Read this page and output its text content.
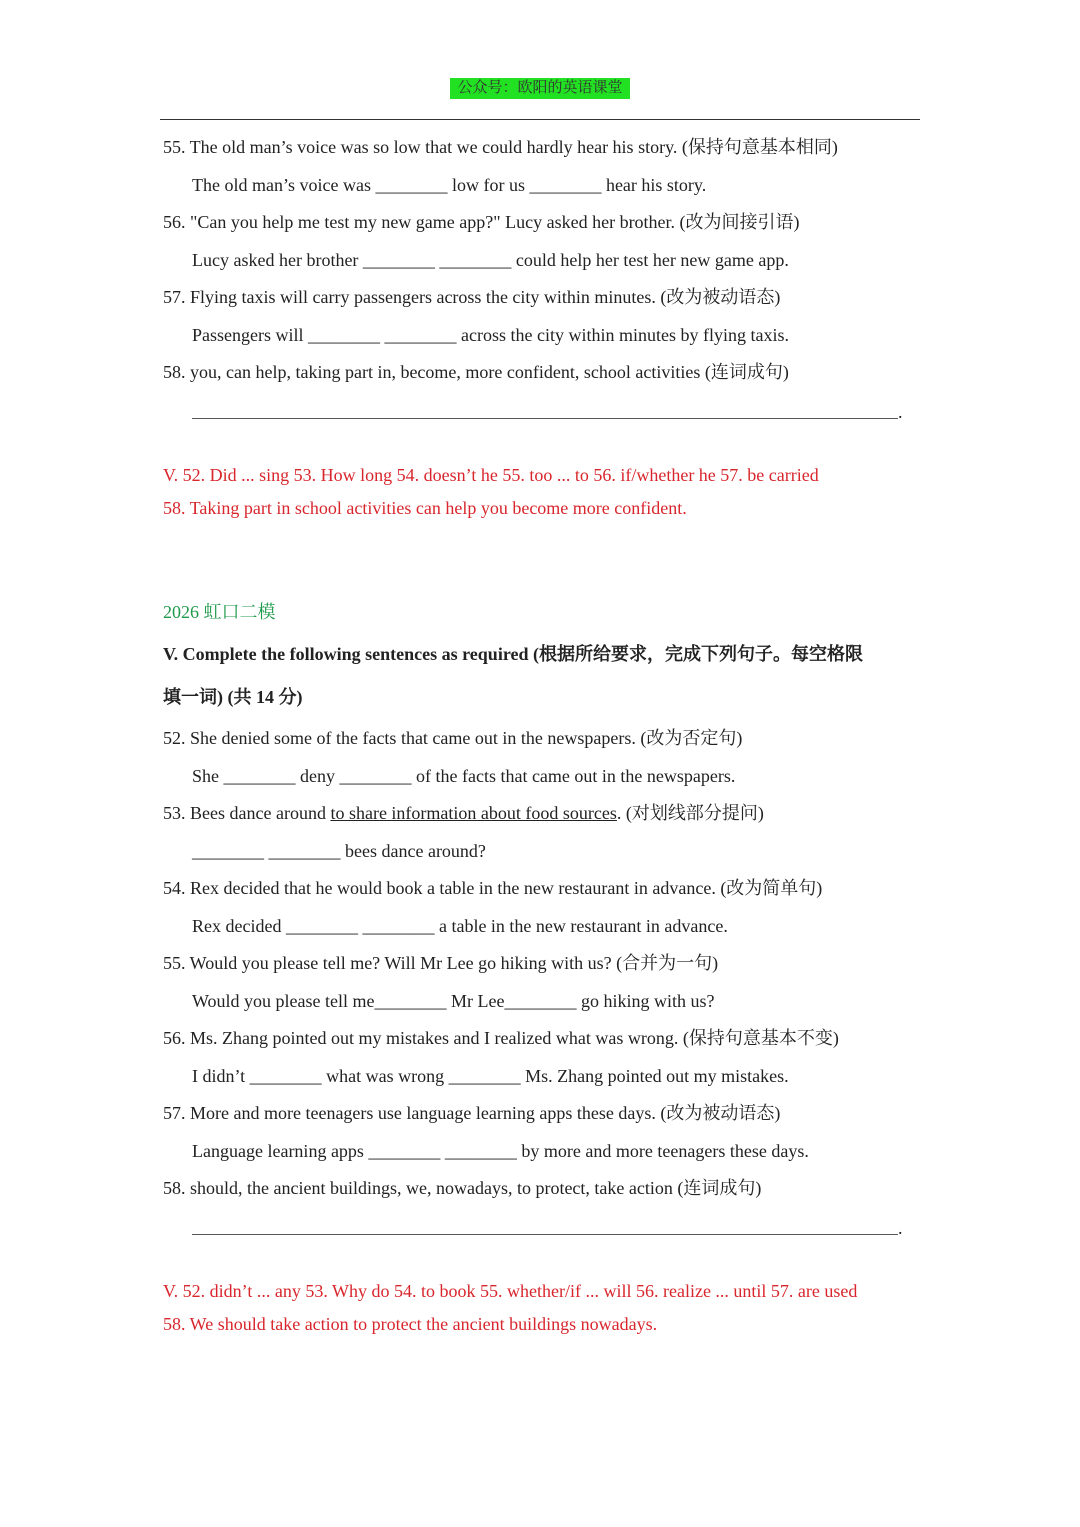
公众号：欧阳的英语课堂
55. The old man’s voice was so low that we could hardly hear his story. (保持句意基本相同)
The old man’s voice was ________ low for us ________ hear his story.
56. "Can you help me test my new game app?" Lucy asked her brother. (改为间接引语)
Lucy asked her brother ________ ________ could help her test her new game app.
57. Flying taxis will carry passengers across the city within minutes. (改为被动语态)
Passengers will ________ ________ across the city within minutes by flying taxis.
58. you, can help, taking part in, become, more confident, school activities (连词成句)
.
V. 52. Did ... sing 53. How long 54. doesn’t he 55. too ... to 56. if/whether he 57. be carried
58. Taking part in school activities can help you become more confident.
2026 虹口二模
V. Complete the following sentences as required (根据所给要求，完成下列句子。每空格限
填一词) (共 14 分)
52. She denied some of the facts that came out in the newspapers. (改为否定句)
She ________ deny ________ of the facts that came out in the newspapers.
53. Bees dance around to share information about food sources. (对划线部分提问)
________ ________ bees dance around?
54. Rex decided that he would book a table in the new restaurant in advance. (改为简单句)
Rex decided ________ ________ a table in the new restaurant in advance.
55. Would you please tell me? Will Mr Lee go hiking with us? (合并为一句)
Would you please tell me________ Mr Lee________ go hiking with us?
56. Ms. Zhang pointed out my mistakes and I realized what was wrong. (保持句意基本不变)
I didn’t ________ what was wrong ________ Ms. Zhang pointed out my mistakes.
57. More and more teenagers use language learning apps these days. (改为被动语态)
Language learning apps ________ ________ by more and more teenagers these days.
58. should, the ancient buildings, we, nowadays, to protect, take action (连词成句)
.
V. 52. didn’t ... any 53. Why do 54. to book 55. whether/if ... will 56. realize ... until 57. are used
58. We should take action to protect the ancient buildings nowadays.
